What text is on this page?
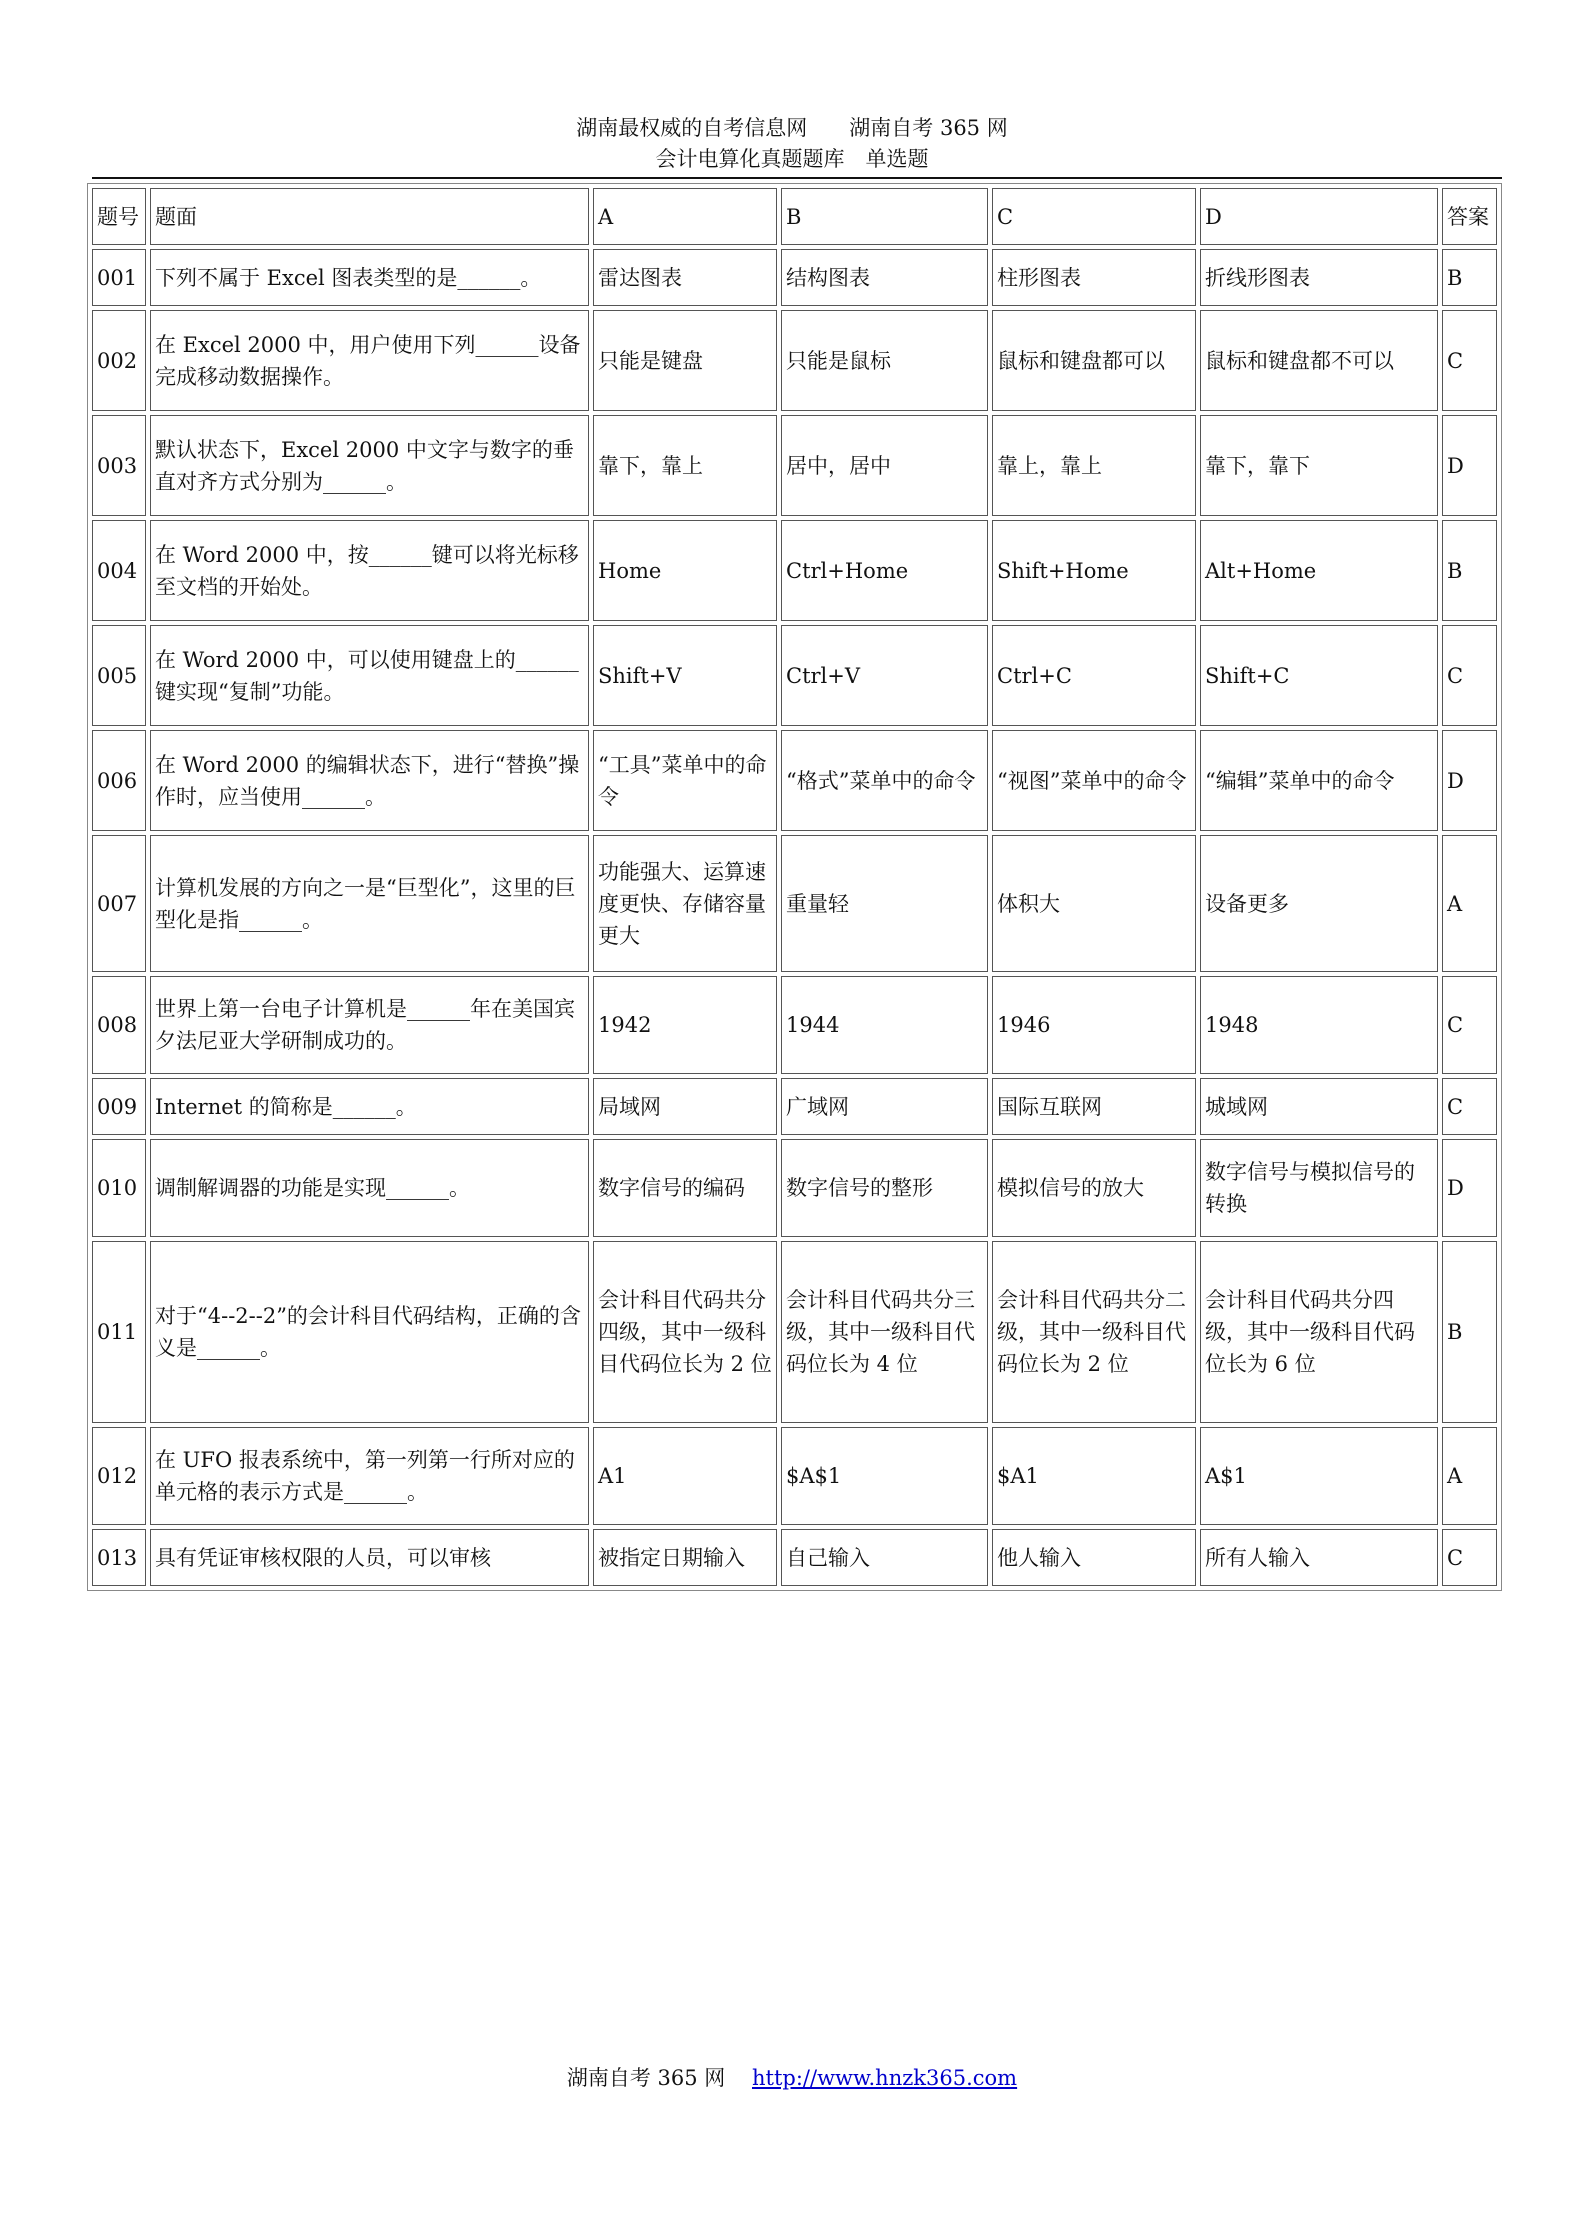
湖南最权威的自考信息网　　湖南自考 365 网
会计电算化真题题库　单选题
题号	题面	A	B	C	D	答案
001	下列不属于 Excel 图表类型的是______。	雷达图表	结构图表	柱形图表	折线形图表	B
002	在 Excel 2000 中，用户使用下列______设备完成移动数据操作。	只能是键盘	只能是鼠标	鼠标和键盘都可以	鼠标和键盘都不可以	C
003	默认状态下，Excel 2000 中文字与数字的垂直对齐方式分别为______。	靠下，靠上	居中，居中	靠上，靠上	靠下，靠下	D
004	在 Word 2000 中，按______键可以将光标移至文档的开始处。	Home	Ctrl+Home	Shift+Home	Alt+Home	B
005	在 Word 2000 中，可以使用键盘上的______键实现“复制”功能。	Shift+V	Ctrl+V	Ctrl+C	Shift+C	C
006	在 Word 2000 的编辑状态下，进行“替换”操作时，应当使用______。	“工具”菜单中的命令	“格式”菜单中的命令	“视图”菜单中的命令	“编辑”菜单中的命令	D
007	计算机发展的方向之一是“巨型化”，这里的巨型化是指______。	功能强大、运算速度更快、存储容量更大	重量轻	体积大	设备更多	A
008	世界上第一台电子计算机是______年在美国宾夕法尼亚大学研制成功的。	1942	1944	1946	1948	C
009	Internet 的简称是______。	局域网	广域网	国际互联网	城域网	C
010	调制解调器的功能是实现______。	数字信号的编码	数字信号的整形	模拟信号的放大	数字信号与模拟信号的转换	D
011	对于“4--2--2”的会计科目代码结构，正确的含义是______。	会计科目代码共分四级，其中一级科目代码位长为 2 位	会计科目代码共分三级，其中一级科目代码位长为 4 位	会计科目代码共分二级，其中一级科目代码位长为 2 位	会计科目代码共分四级，其中一级科目代码位长为 6 位	B
012	在 UFO 报表系统中，第一列第一行所对应的单元格的表示方式是______。	A1	$A$1	$A1	A$1	A
013	具有凭证审核权限的人员，可以审核	被指定日期输入	自己输入	他人输入	所有人输入	C
湖南自考 365 网 http://www.hnzk365.com
